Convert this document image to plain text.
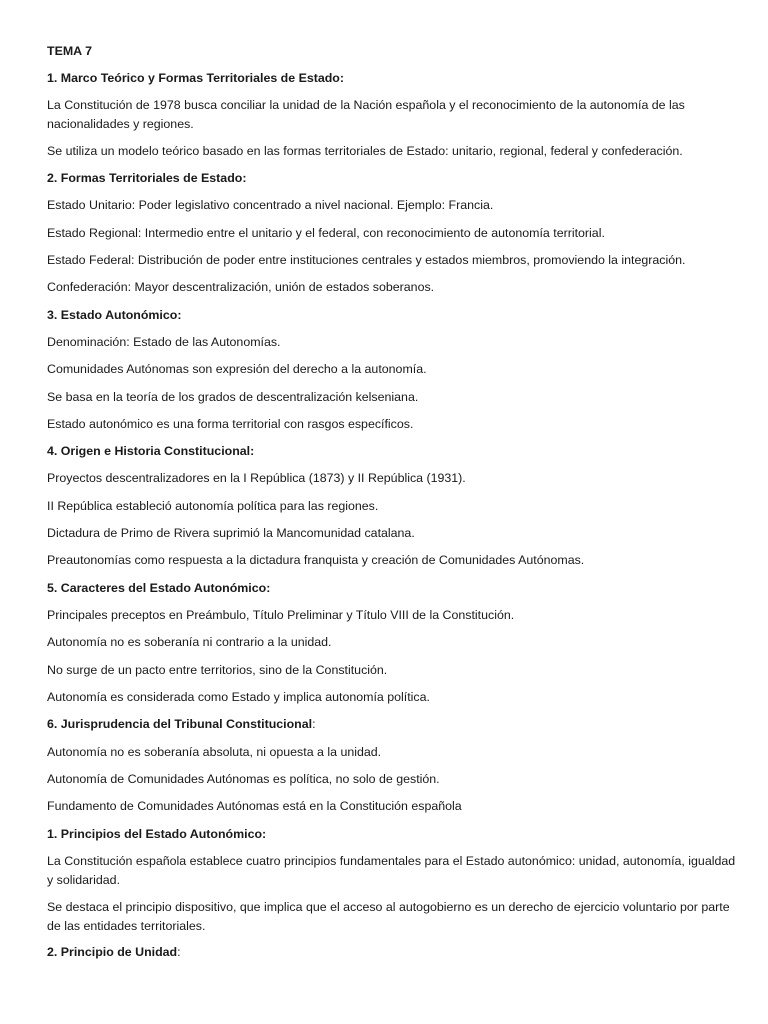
TEMA 7

1. Marco Teórico y Formas Territoriales de Estado:

La Constitución de 1978 busca conciliar la unidad de la Nación española y el reconocimiento de la autonomía de las nacionalidades y regiones.

Se utiliza un modelo teórico basado en las formas territoriales de Estado: unitario, regional, federal y confederación.

2. Formas Territoriales de Estado:

Estado Unitario: Poder legislativo concentrado a nivel nacional. Ejemplo: Francia.

Estado Regional: Intermedio entre el unitario y el federal, con reconocimiento de autonomía territorial.

Estado Federal: Distribución de poder entre instituciones centrales y estados miembros, promoviendo la integración.

Confederación: Mayor descentralización, unión de estados soberanos.

3. Estado Autonómico:

Denominación: Estado de las Autonomías.

Comunidades Autónomas son expresión del derecho a la autonomía.

Se basa en la teoría de los grados de descentralización kelseniana.

Estado autonómico es una forma territorial con rasgos específicos.

4. Origen e Historia Constitucional:

Proyectos descentralizadores en la I República (1873) y II República (1931).

II República estableció autonomía política para las regiones.

Dictadura de Primo de Rivera suprimió la Mancomunidad catalana.

Preautonomías como respuesta a la dictadura franquista y creación de Comunidades Autónomas.

5. Caracteres del Estado Autonómico:

Principales preceptos en Preámbulo, Título Preliminar y Título VIII de la Constitución.

Autonomía no es soberanía ni contrario a la unidad.

No surge de un pacto entre territorios, sino de la Constitución.

Autonomía es considerada como Estado y implica autonomía política.

6. Jurisprudencia del Tribunal Constitucional:

Autonomía no es soberanía absoluta, ni opuesta a la unidad.

Autonomía de Comunidades Autónomas es política, no solo de gestión.

Fundamento de Comunidades Autónomas está en la Constitución española

1. Principios del Estado Autonómico:

La Constitución española establece cuatro principios fundamentales para el Estado autonómico: unidad, autonomía, igualdad y solidaridad.

Se destaca el principio dispositivo, que implica que el acceso al autogobierno es un derecho de ejercicio voluntario por parte de las entidades territoriales.

2. Principio de Unidad:
